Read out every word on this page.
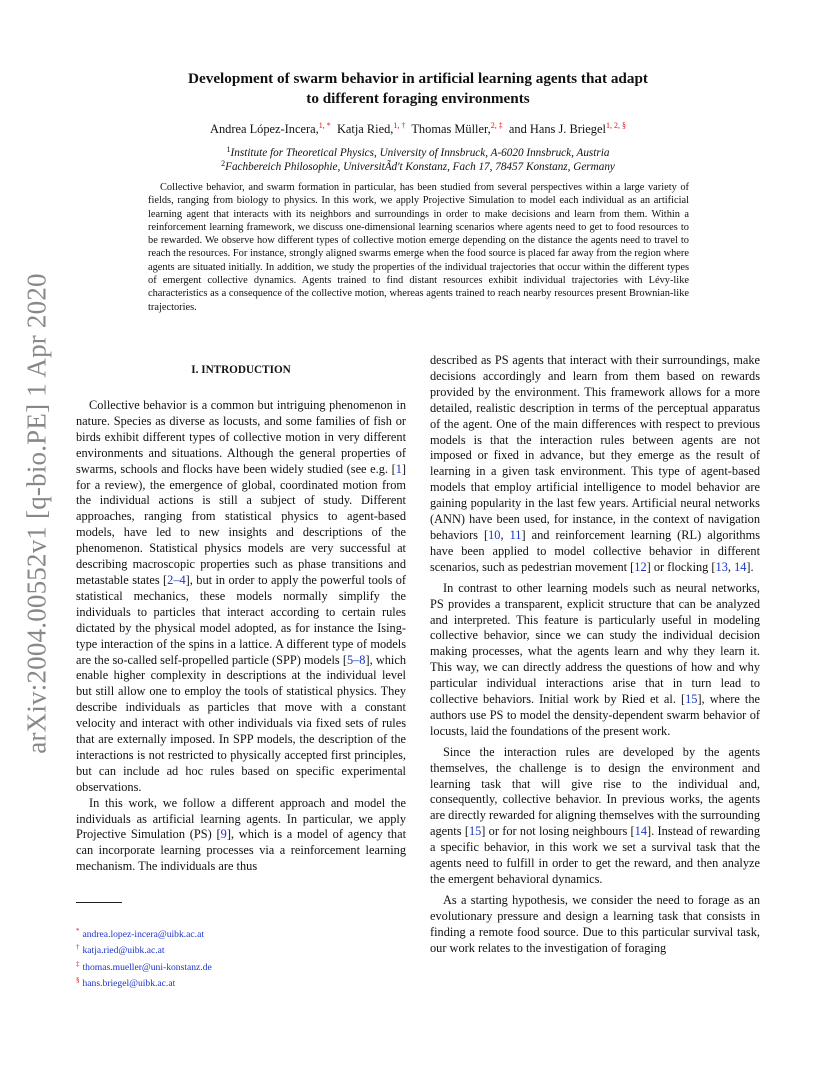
arXiv:2004.00552v1 [q-bio.PE] 1 Apr 2020
Development of swarm behavior in artificial learning agents that adapt
to different foraging environments
Andrea López-Incera,$^{1, *}$ Katja Ried,$^{1, \dagger}$ Thomas Müller,$^{2, \ddagger}$ and Hans J. Briegel$^{1, 2, \S}$
$^1$Institute for Theoretical Physics, University of Innsbruck, A-6020 Innsbruck, Austria
$^2$Fachbereich Philosophie, UniversitÃd't Konstanz, Fach 17, 78457 Konstanz, Germany
Collective behavior, and swarm formation in particular, has been studied from several perspectives within a large variety of fields, ranging from biology to physics. In this work, we apply Projective Simulation to model each individual as an artificial learning agent that interacts with its neighbors and surroundings in order to make decisions and learn from them. Within a reinforcement learning framework, we discuss one-dimensional learning scenarios where agents need to get to food resources to be rewarded. We observe how different types of collective motion emerge depending on the distance the agents need to travel to reach the resources. For instance, strongly aligned swarms emerge when the food source is placed far away from the region where agents are situated initially. In addition, we study the properties of the individual trajectories that occur within the different types of emergent collective dynamics. Agents trained to find distant resources exhibit individual trajectories with Lévy-like characteristics as a consequence of the collective motion, whereas agents trained to reach nearby resources present Brownian-like trajectories.
I. INTRODUCTION

Collective behavior is a common but intriguing phenomenon in nature. Species as diverse as locusts, and some families of fish or birds exhibit different types of collective motion in very different environments and situations. Although the general properties of swarms, schools and flocks have been widely studied (see e.g. [1] for a review), the emergence of global, coordinated motion from the individual actions is still a subject of study. Different approaches, ranging from statistical physics to agent-based models, have led to new insights and descriptions of the phenomenon. Statistical physics models are very successful at describing macroscopic properties such as phase transitions and metastable states [2–4], but in order to apply the powerful tools of statistical mechanics, these models normally simplify the individuals to particles that interact according to certain rules dictated by the physical model adopted, as for instance the Ising-type interaction of the spins in a lattice. A different type of models are the so-called self-propelled particle (SPP) models [5–8], which enable higher complexity in descriptions at the individual level but still allow one to employ the tools of statistical physics. They describe individuals as particles that move with a constant velocity and interact with other individuals via fixed sets of rules that are externally imposed. In SPP models, the description of the interactions is not restricted to physically accepted first principles, but can include ad hoc rules based on specific experimental observations.

In this work, we follow a different approach and model the individuals as artificial learning agents. In particular, we apply Projective Simulation (PS) [9], which is a model of agency that can incorporate learning processes via a reinforcement learning mechanism. The individuals are thus

described as PS agents that interact with their surroundings, make decisions accordingly and learn from them based on rewards provided by the environment. This framework allows for a more detailed, realistic description in terms of the perceptual apparatus of the agent. One of the main differences with respect to previous models is that the interaction rules between agents are not imposed or fixed in advance, but they emerge as the result of learning in a given task environment. This type of agent-based models that employ artificial intelligence to model behavior are gaining popularity in the last few years. Artificial neural networks (ANN) have been used, for instance, in the context of navigation behaviors [10, 11] and reinforcement learning (RL) algorithms have been applied to model collective behavior in different scenarios, such as pedestrian movement [12] or flocking [13, 14].

In contrast to other learning models such as neural networks, PS provides a transparent, explicit structure that can be analyzed and interpreted. This feature is particularly useful in modeling collective behavior, since we can study the individual decision making processes, what the agents learn and why they learn it. This way, we can directly address the questions of how and why particular individual interactions arise that in turn lead to collective behaviors. Initial work by Ried et al. [15], where the authors use PS to model the density-dependent swarm behavior of locusts, laid the foundations of the present work.

Since the interaction rules are developed by the agents themselves, the challenge is to design the environment and learning task that will give rise to the individual and, consequently, collective behavior. In previous works, the agents are directly rewarded for aligning themselves with the surrounding agents [15] or for not losing neighbours [14]. Instead of rewarding a specific behavior, in this work we set a survival task that the agents need to fulfill in order to get the reward, and then analyze the emergent behavioral dynamics.

As a starting hypothesis, we consider the need to forage as an evolutionary pressure and design a learning task that consists in finding a remote food source. Due to this particular survival task, our work relates to the investigation of foraging

* andrea.lopez-incera@uibk.ac.at
† katja.ried@uibk.ac.at
‡ thomas.mueller@uni-konstanz.de
§ hans.briegel@uibk.ac.at
